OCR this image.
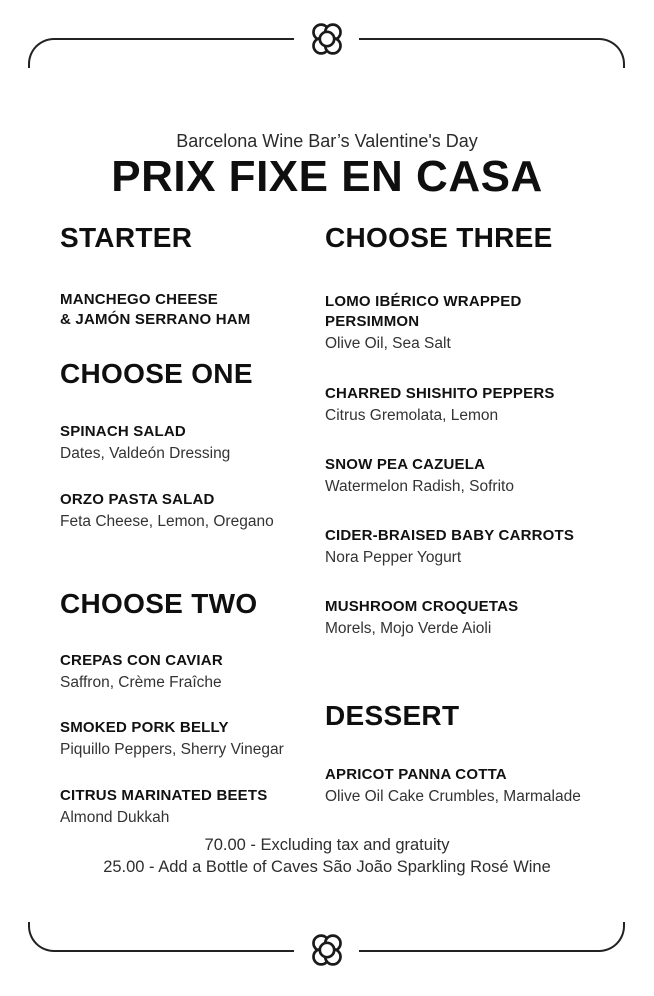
Barcelona Wine Bar’s Valentine's Day
PRIX FIXE EN CASA
STARTER
MANCHEGO CHEESE
& JAMÓN SERRANO HAM
CHOOSE ONE
SPINACH SALAD
Dates, Valdeón Dressing
ORZO PASTA SALAD
Feta Cheese, Lemon, Oregano
CHOOSE TWO
CREPAS CON CAVIAR
Saffron, Crème Fraîche
SMOKED PORK BELLY
Piquillo Peppers, Sherry Vinegar
CITRUS MARINATED BEETS
Almond Dukkah
CHOOSE THREE
LOMO IBÉRICO WRAPPED
PERSIMMON
Olive Oil, Sea Salt
CHARRED SHISHITO PEPPERS
Citrus Gremolata, Lemon
SNOW PEA CAZUELA
Watermelon Radish, Sofrito
CIDER-BRAISED BABY CARROTS
Nora Pepper Yogurt
MUSHROOM CROQUETAS
Morels, Mojo Verde Aioli
DESSERT
APRICOT PANNA COTTA
Olive Oil Cake Crumbles, Marmalade
70.00 - Excluding tax and gratuity
25.00 - Add a Bottle of Caves São João Sparkling Rosé Wine
